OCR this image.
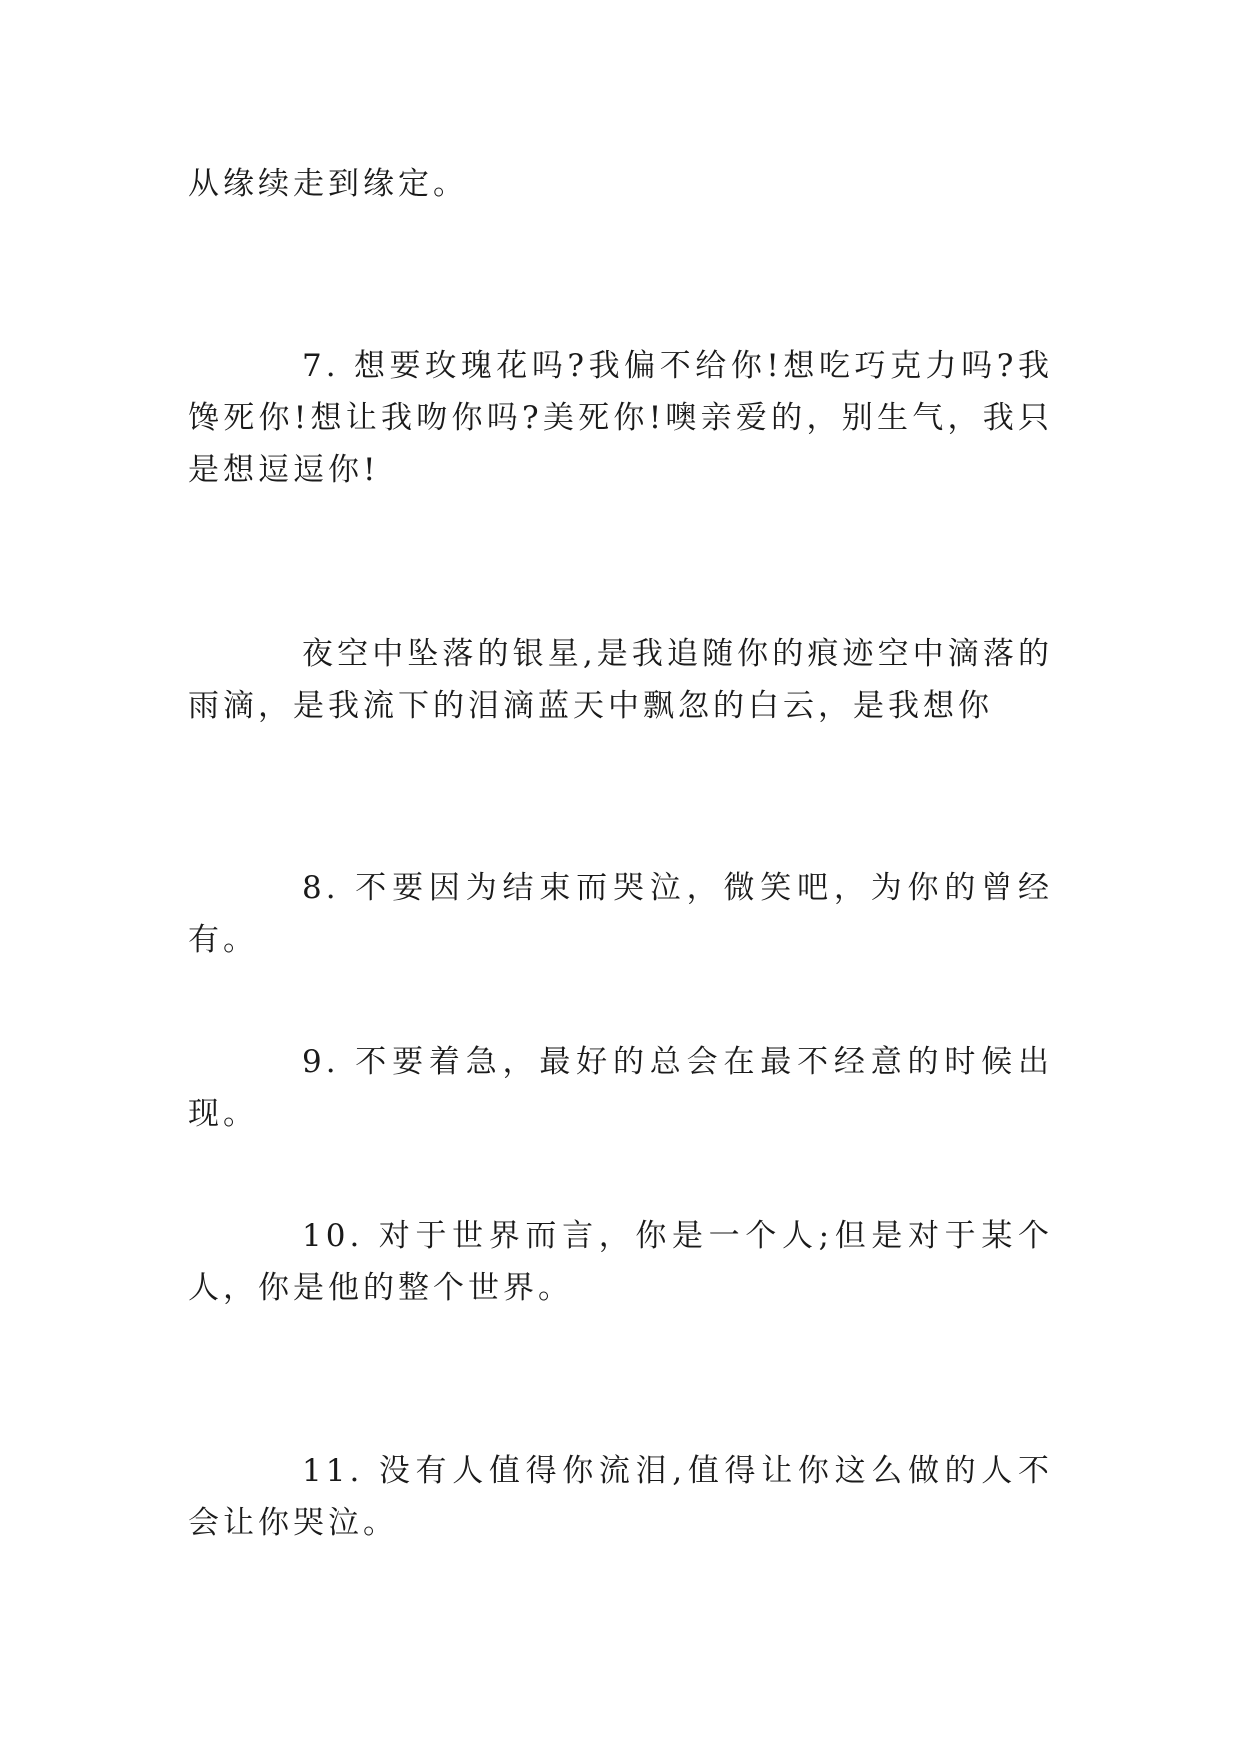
从缘续走到缘定。

7. 想要玫瑰花吗?我偏不给你!想吃巧克力吗?我馋死你!想让我吻你吗?美死你!噢亲爱的，别生气，我只是想逗逗你!

夜空中坠落的银星,是我追随你的痕迹空中滴落的雨滴，是我流下的泪滴蓝天中飘忽的白云，是我想你

8. 不要因为结束而哭泣，微笑吧，为你的曾经有。

9. 不要着急，最好的总会在最不经意的时候出现。

10. 对于世界而言，你是一个人;但是对于某个人，你是他的整个世界。

11. 没有人值得你流泪,值得让你这么做的人不会让你哭泣。
